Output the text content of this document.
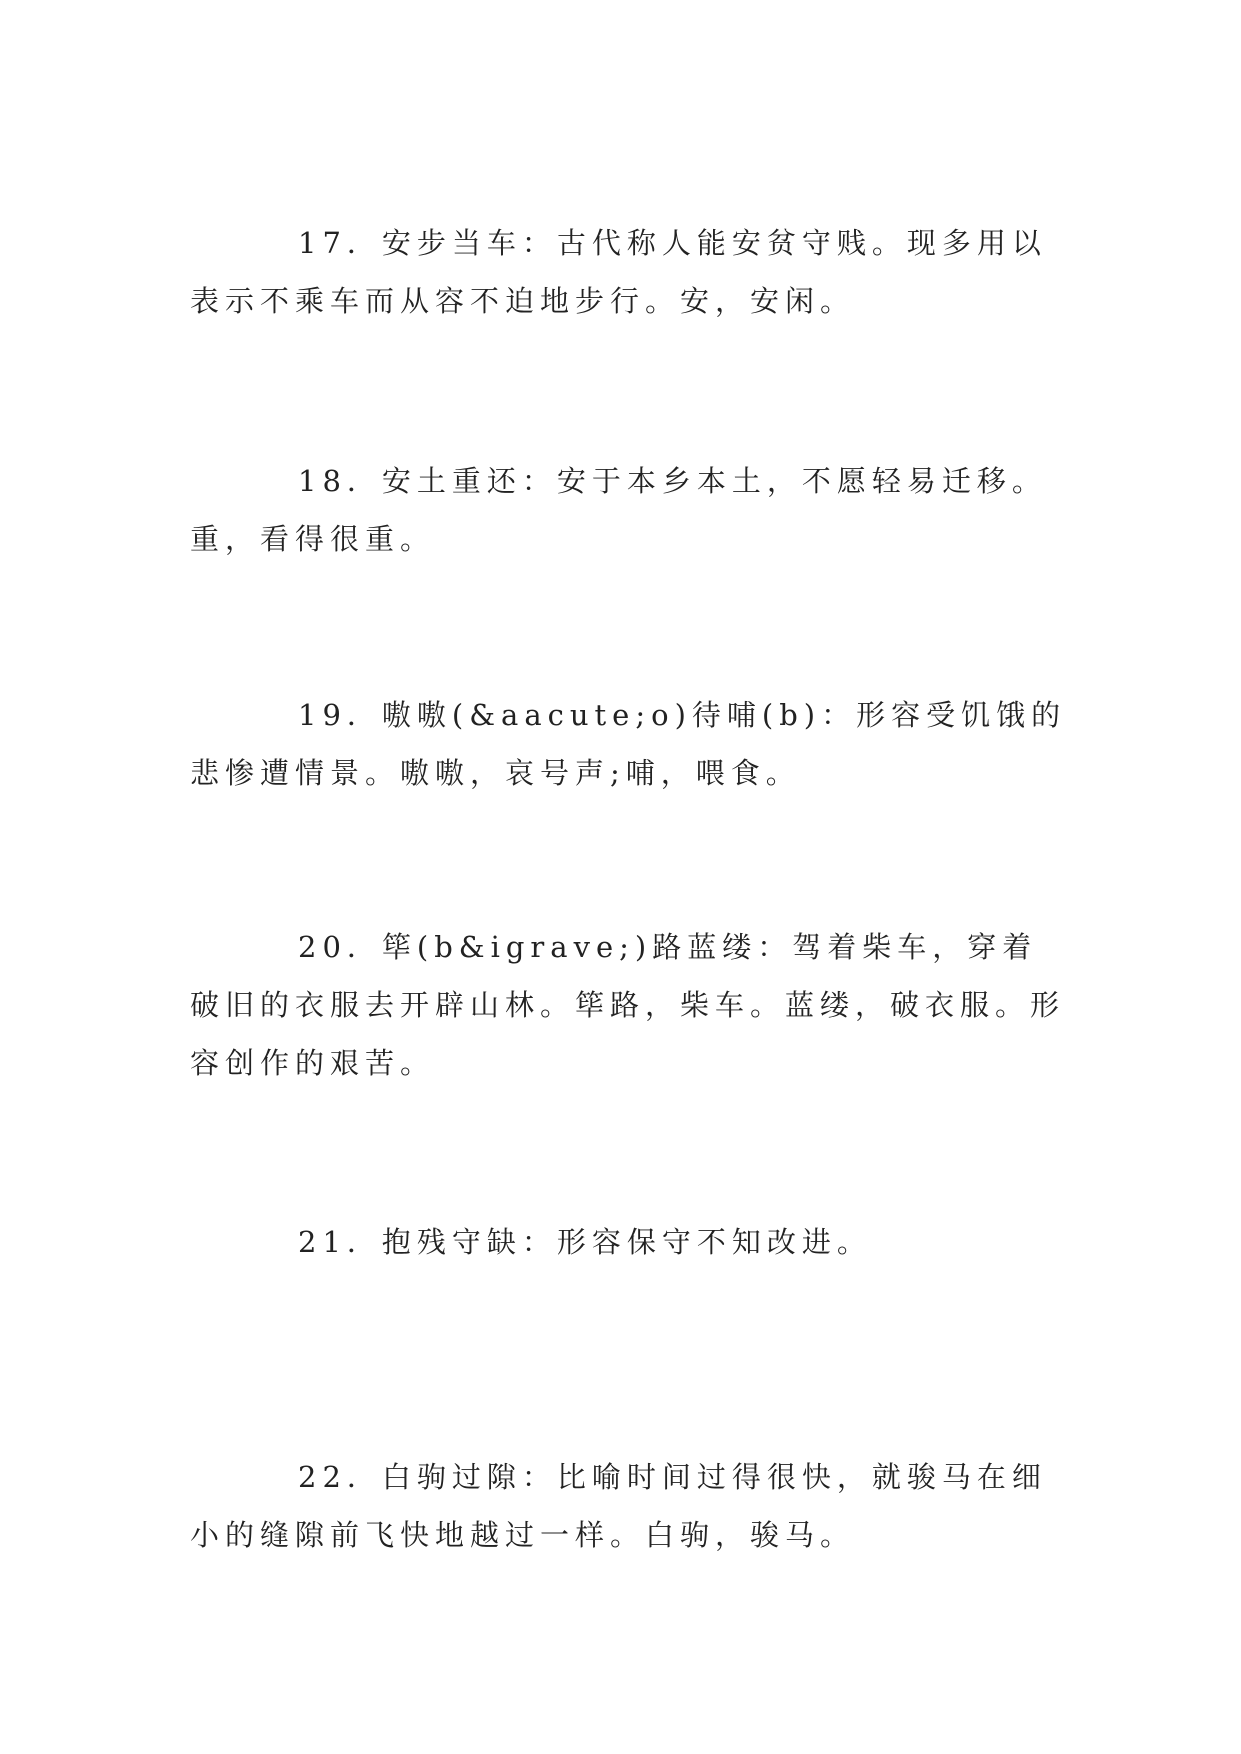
17．安步当车：古代称人能安贫守贱。现多用以表示不乘车而从容不迫地步行。安，安闲。

18．安土重还：安于本乡本土，不愿轻易迁移。重，看得很重。

19．嗷嗷(&aacute;o)待哺(b)：形容受饥饿的悲惨遭情景。嗷嗷，哀号声;哺，喂食。

20．筚(b&igrave;)路蓝缕：驾着柴车，穿着破旧的衣服去开辟山林。筚路，柴车。蓝缕，破衣服。形容创作的艰苦。

21．抱残守缺：形容保守不知改进。

22．白驹过隙：比喻时间过得很快，就骏马在细小的缝隙前飞快地越过一样。白驹，骏马。
